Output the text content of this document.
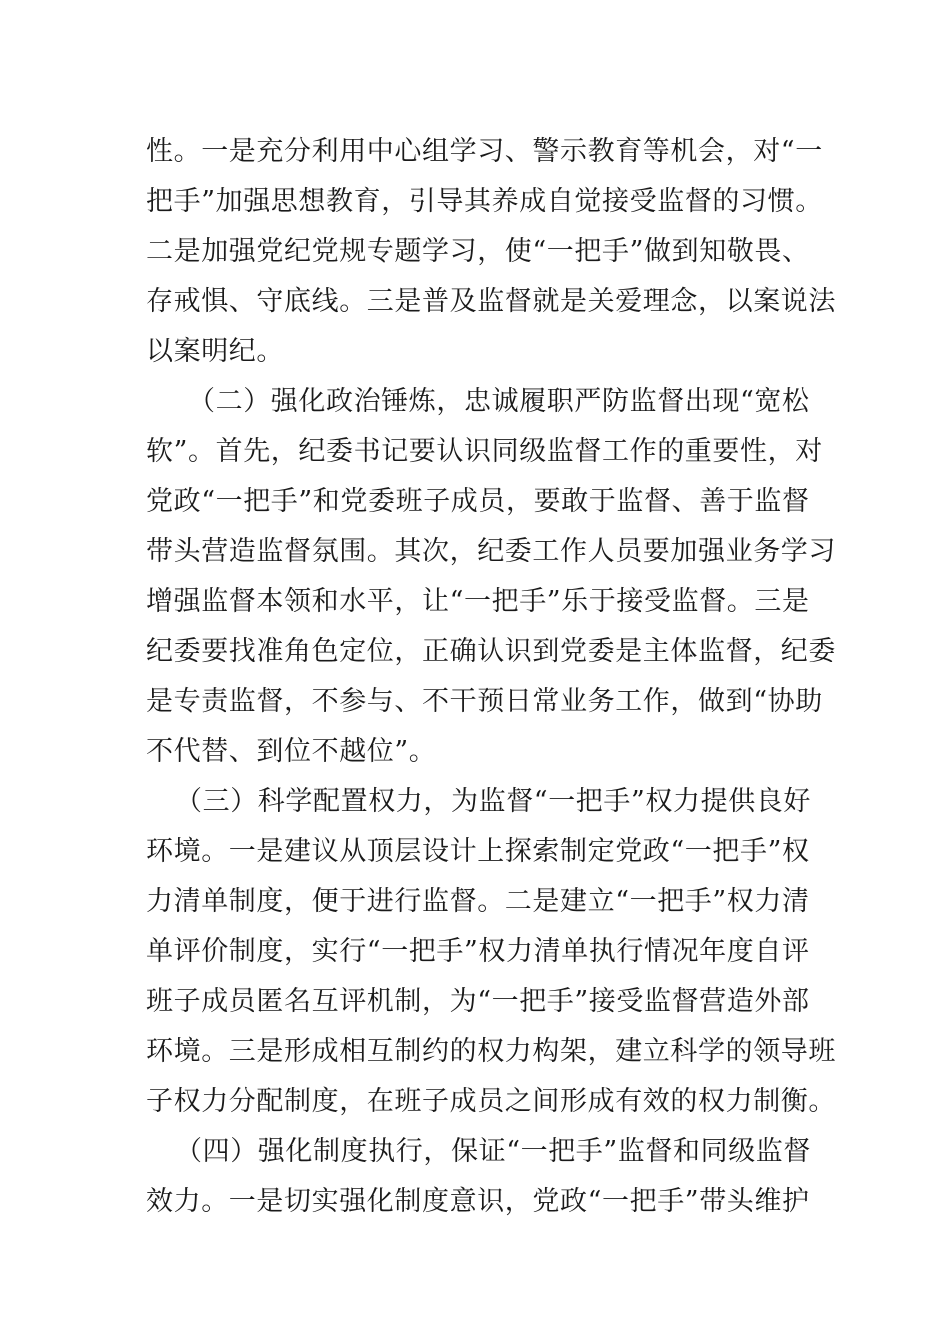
性。一是充分利用中心组学习、警示教育等机会，对“一
把手”加强思想教育，引导其养成自觉接受监督的习惯。
二是加强党纪党规专题学习，使“一把手”做到知敬畏、
存戒惧、守底线。三是普及监督就是关爱理念，以案说法
以案明纪。
（二）强化政治锤炼，忠诚履职严防监督出现“宽松
软”。首先，纪委书记要认识同级监督工作的重要性，对
党政“一把手”和党委班子成员，要敢于监督、善于监督
带头营造监督氛围。其次，纪委工作人员要加强业务学习
增强监督本领和水平，让“一把手”乐于接受监督。三是
纪委要找准角色定位，正确认识到党委是主体监督，纪委
是专责监督，不参与、不干预日常业务工作，做到“协助
不代替、到位不越位”。
（三）科学配置权力，为监督“一把手”权力提供良好
环境。一是建议从顶层设计上探索制定党政“一把手”权
力清单制度，便于进行监督。二是建立“一把手”权力清
单评价制度，实行“一把手”权力清单执行情况年度自评
班子成员匿名互评机制，为“一把手”接受监督营造外部
环境。三是形成相互制约的权力构架，建立科学的领导班
子权力分配制度，在班子成员之间形成有效的权力制衡。
（四）强化制度执行，保证“一把手”监督和同级监督
效力。一是切实强化制度意识，党政“一把手”带头维护
